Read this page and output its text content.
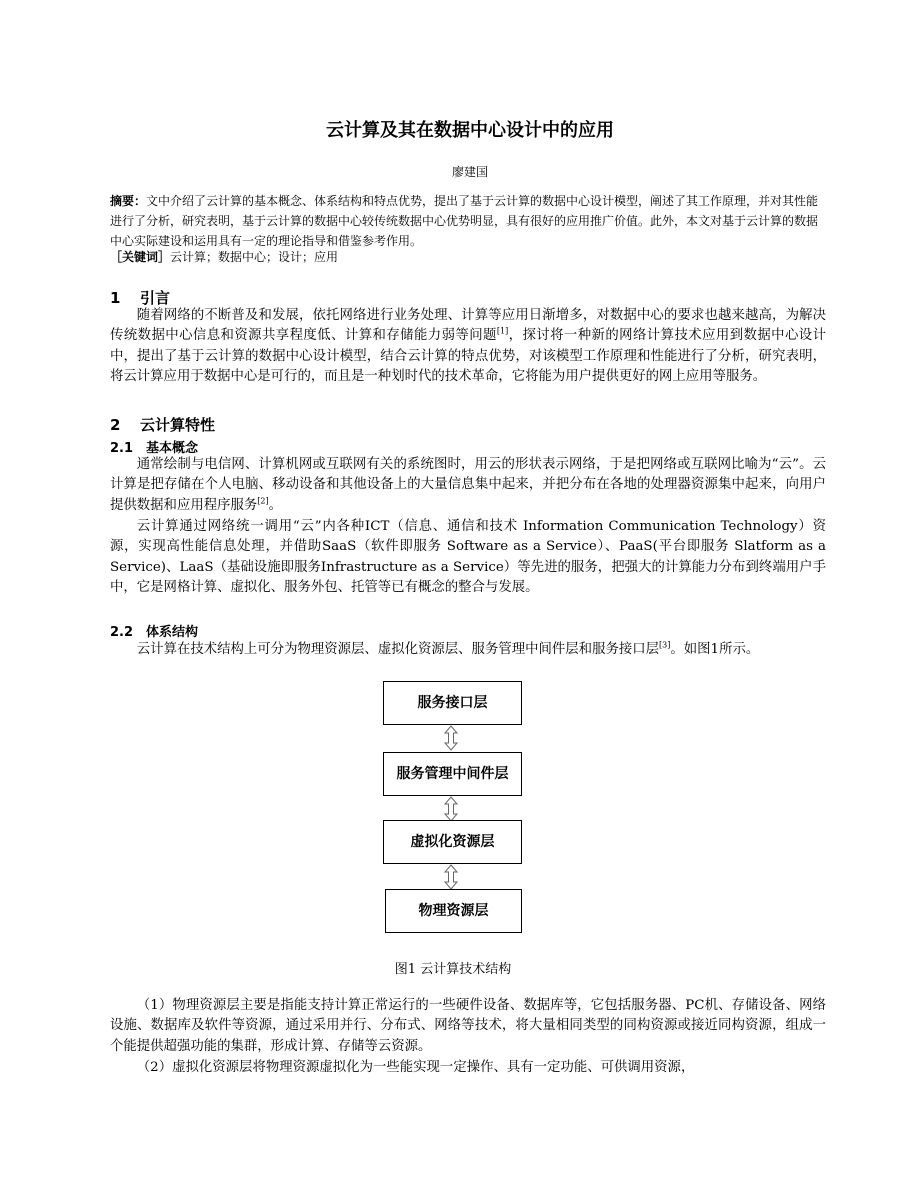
云计算及其在数据中心设计中的应用
廖建国
摘要：文中介绍了云计算的基本概念、体系结构和特点优势，提出了基于云计算的数据中心设计模型，阐述了其工作原理，并对其性能进行了分析，研究表明，基于云计算的数据中心较传统数据中心优势明显，具有很好的应用推广价值。此外，本文对基于云计算的数据中心实际建设和运用具有一定的理论指导和借鉴参考作用。
［关键词］云计算；数据中心；设计；应用
1 引言
随着网络的不断普及和发展，依托网络进行业务处理、计算等应用日渐增多，对数据中心的要求也越来越高，为解决传统数据中心信息和资源共享程度低、计算和存储能力弱等问题[1]，探讨将一种新的网络计算技术应用到数据中心设计中，提出了基于云计算的数据中心设计模型，结合云计算的特点优势，对该模型工作原理和性能进行了分析，研究表明，将云计算应用于数据中心是可行的，而且是一种划时代的技术革命，它将能为用户提供更好的网上应用等服务。
2 云计算特性
2.1 基本概念
通常绘制与电信网、计算机网或互联网有关的系统图时，用云的形状表示网络，于是把网络或互联网比喻为“云”。云计算是把存储在个人电脑、移动设备和其他设备上的大量信息集中起来，并把分布在各地的处理器资源集中起来，向用户提供数据和应用程序服务[2]。
云计算通过网络统一调用“云”内各种ICT（信息、通信和技术 Information Communication Technology）资源，实现高性能信息处理，并借助SaaS（软件即服务 Software as a Service）、PaaS(平台即服务 Slatform as a Service)、LaaS（基础设施即服务Infrastructure as a Service）等先进的服务，把强大的计算能力分布到终端用户手中，它是网格计算、虚拟化、服务外包、托管等已有概念的整合与发展。
2.2 体系结构
云计算在技术结构上可分为物理资源层、虚拟化资源层、服务管理中间件层和服务接口层[3]。如图1所示。
服务接口层
服务管理中间件层
虚拟化资源层
物理资源层
图1 云计算技术结构
（1）物理资源层主要是指能支持计算正常运行的一些硬件设备、数据库等，它包括服务器、PC机、存储设备、网络设施、数据库及软件等资源，通过采用并行、分布式、网络等技术，将大量相同类型的同构资源或接近同构资源，组成一个能提供超强功能的集群，形成计算、存储等云资源。
（2）虚拟化资源层将物理资源虚拟化为一些能实现一定操作、具有一定功能、可供调用资源，
